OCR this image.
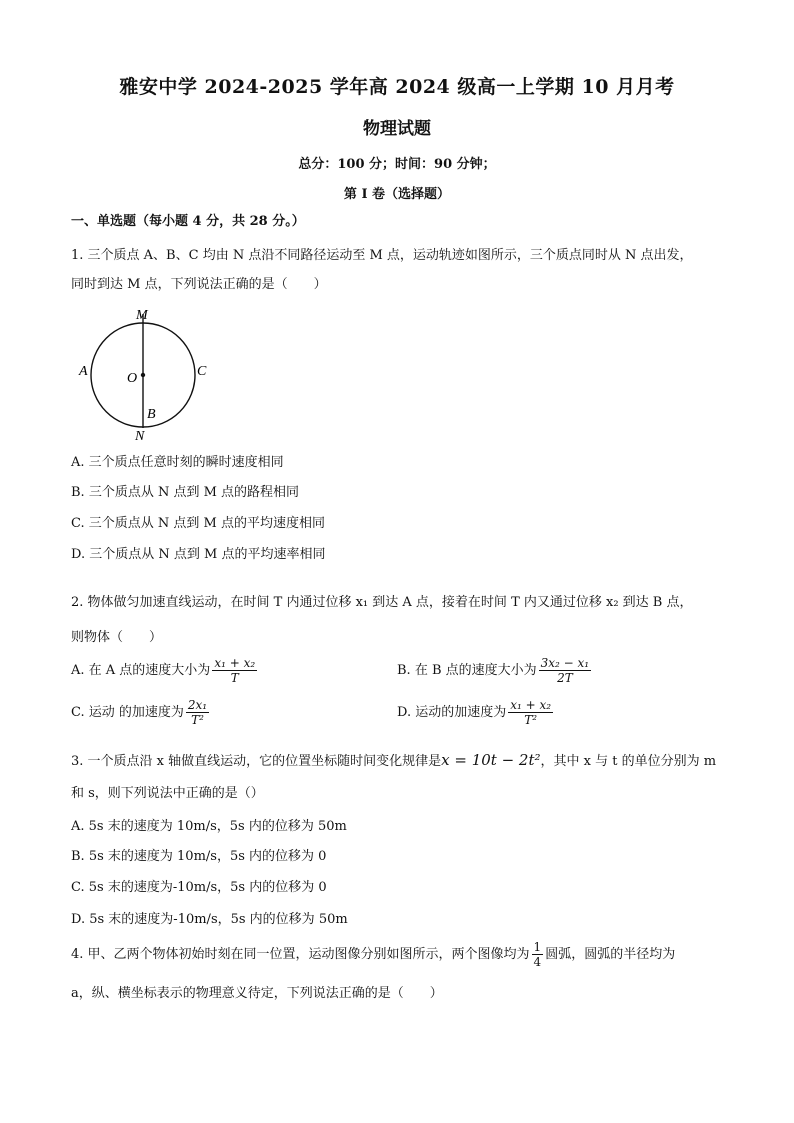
雅安中学 2024-2025 学年高 2024 级高一上学期 10 月月考
物理试题
总分：100 分；时间：90 分钟；
第 I 卷（选择题）
一、单选题（每小题 4 分，共 28 分。）
1. 三个质点 A、B、C 均由 N 点沿不同路径运动至 M 点，运动轨迹如图所示，三个质点同时从 N 点出发，
同时到达 M 点，下列说法正确的是（　　）
M
N
A
B
C
O
A. 三个质点任意时刻的瞬时速度相同
B. 三个质点从 N 点到 M 点的路程相同
C. 三个质点从 N 点到 M 点的平均速度相同
D. 三个质点从 N 点到 M 点的平均速率相同
2. 物体做匀加速直线运动，在时间 T 内通过位移 x₁ 到达 A 点，接着在时间 T 内又通过位移 x₂ 到达 B 点，
则物体（　　）
A. 在 A 点的速度大小为 $\frac{\text{x₁ + x₂}}{T}$	B. 在 B 点的速度大小为 $\frac{\text{3x₂ − x₁}}{2T}$
C. 运动 的加速度为 $\frac{\text{2x₁}}{\text{T²}}$	D. 运动的加速度为 $\frac{\text{x₁ + x₂}}{\text{T²}}$
3. 一个质点沿 x 轴做直线运动，它的位置坐标随时间变化规律是x = 10t − 2t²，其中 x 与 t 的单位分别为 m
和 s，则下列说法中正确的是（）
A. 5s 末的速度为 10m/s，5s 内的位移为 50m
B. 5s 末的速度为 10m/s，5s 内的位移为 0
C. 5s 末的速度为-10m/s，5s 内的位移为 0
D. 5s 末的速度为-10m/s，5s 内的位移为 50m
4. 甲、乙两个物体初始时刻在同一位置，运动图像分别如图所示，两个图像均为 $\frac{1}{4}$ 圆弧，圆弧的半径均为
a，纵、横坐标表示的物理意义待定，下列说法正确的是（　　）
